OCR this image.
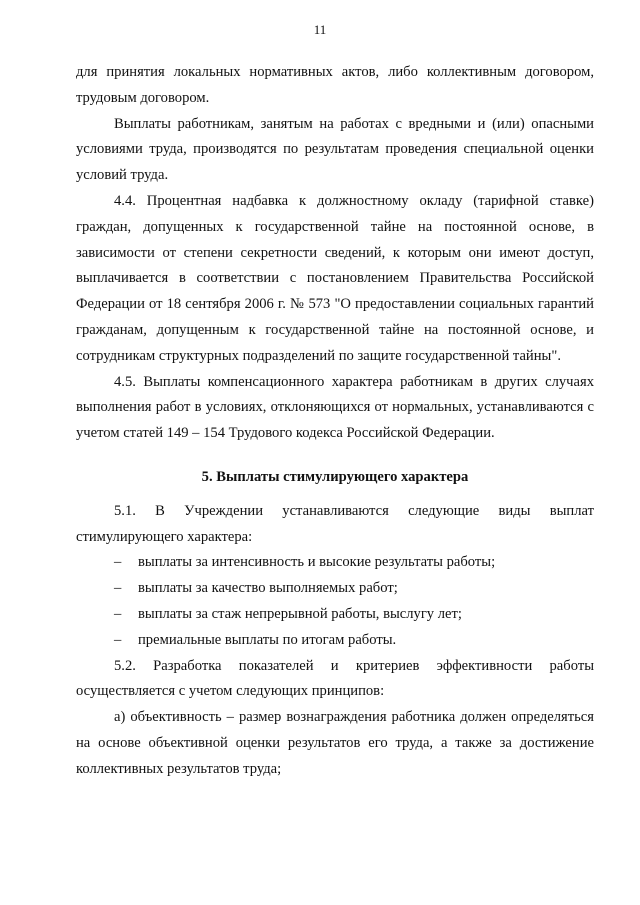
11

для принятия локальных нормативных актов, либо коллективным договором, трудовым договором.

Выплаты работникам, занятым на работах с вредными и (или) опасными условиями труда, производятся по результатам проведения специальной оценки условий труда.

4.4. Процентная надбавка к должностному окладу (тарифной ставке) граждан, допущенных к государственной тайне на постоянной основе, в зависимости от степени секретности сведений, к которым они имеют доступ, выплачивается в соответствии с постановлением Правительства Российской Федерации от 18 сентября 2006 г. № 573 "О предоставлении социальных гарантий гражданам, допущенным к государственной тайне на постоянной основе, и сотрудникам структурных подразделений по защите государственной тайны".

4.5. Выплаты компенсационного характера работникам в других случаях выполнения работ в условиях, отклоняющихся от нормальных, устанавливаются с учетом статей 149 – 154 Трудового кодекса Российской Федерации.

5. Выплаты стимулирующего характера

5.1. В Учреждении устанавливаются следующие виды выплат стимулирующего характера:

– выплаты за интенсивность и высокие результаты работы;

– выплаты за качество выполняемых работ;

– выплаты за стаж непрерывной работы, выслугу лет;

– премиальные выплаты по итогам работы.

5.2. Разработка показателей и критериев эффективности работы осуществляется с учетом следующих принципов:

а) объективность – размер вознаграждения работника должен определяться на основе объективной оценки результатов его труда, а также за достижение коллективных результатов труда;
